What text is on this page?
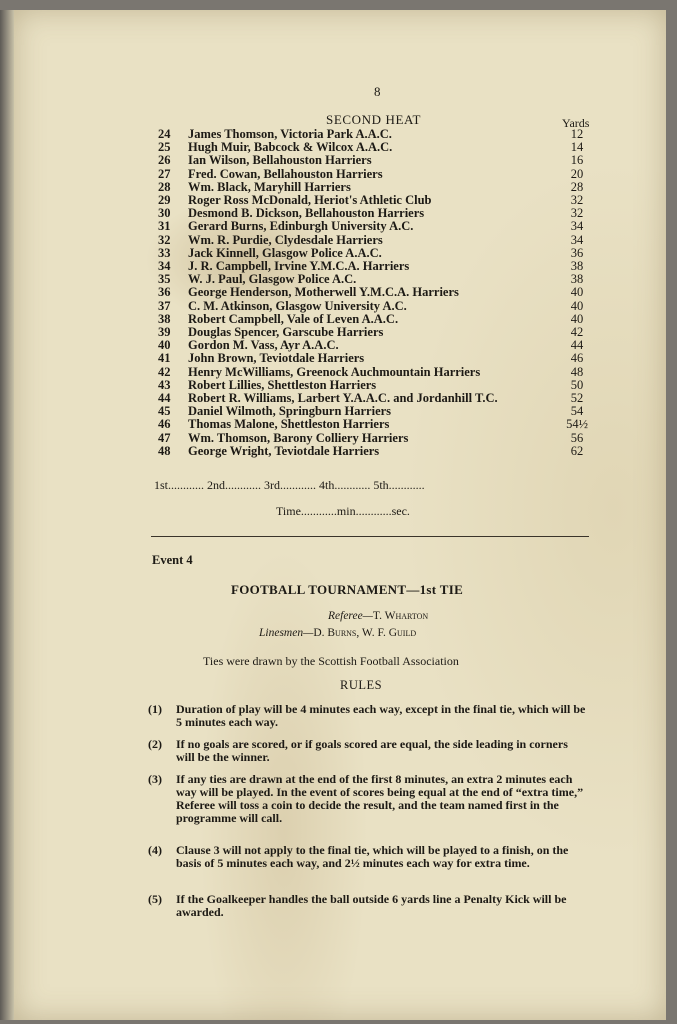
8
SECOND HEAT	Yards
24	James Thomson, Victoria Park A.A.C.	12
25	Hugh Muir, Babcock & Wilcox A.A.C.	14
26	Ian Wilson, Bellahouston Harriers	16
27	Fred. Cowan, Bellahouston Harriers	20
28	Wm. Black, Maryhill Harriers	28
29	Roger Ross McDonald, Heriot's Athletic Club	32
30	Desmond B. Dickson, Bellahouston Harriers	32
31	Gerard Burns, Edinburgh University A.C.	34
32	Wm. R. Purdie, Clydesdale Harriers	34
33	Jack Kinnell, Glasgow Police A.A.C.	36
34	J. R. Campbell, Irvine Y.M.C.A. Harriers	38
35	W. J. Paul, Glasgow Police A.C.	38
36	George Henderson, Motherwell Y.M.C.A. Harriers	40
37	C. M. Atkinson, Glasgow University A.C.	40
38	Robert Campbell, Vale of Leven A.A.C.	40
39	Douglas Spencer, Garscube Harriers	42
40	Gordon M. Vass, Ayr A.A.C.	44
41	John Brown, Teviotdale Harriers	46
42	Henry McWilliams, Greenock Auchmountain Harriers	48
43	Robert Lillies, Shettleston Harriers	50
44	Robert R. Williams, Larbert Y.A.A.C. and Jordanhill T.C.	52
45	Daniel Wilmoth, Springburn Harriers	54
46	Thomas Malone, Shettleston Harriers	54½
47	Wm. Thomson, Barony Colliery Harriers	56
48	George Wright, Teviotdale Harriers	62
1st............ 2nd............ 3rd............ 4th............ 5th............
Time............min............sec.
Event 4
FOOTBALL TOURNAMENT—1st TIE
Referee—T. Wharton
Linesmen—D. Burns, W. F. Guild
Ties were drawn by the Scottish Football Association
RULES
(1) Duration of play will be 4 minutes each way, except in the final tie, which will be 5 minutes each way.
(2) If no goals are scored, or if goals scored are equal, the side leading in corners will be the winner.
(3) If any ties are drawn at the end of the first 8 minutes, an extra 2 minutes each way will be played. In the event of scores being equal at the end of “extra time,” Referee will toss a coin to decide the result, and the team named first in the programme will call.
(4) Clause 3 will not apply to the final tie, which will be played to a finish, on the basis of 5 minutes each way, and 2½ minutes each way for extra time.
(5) If the Goalkeeper handles the ball outside 6 yards line a Penalty Kick will be awarded.
